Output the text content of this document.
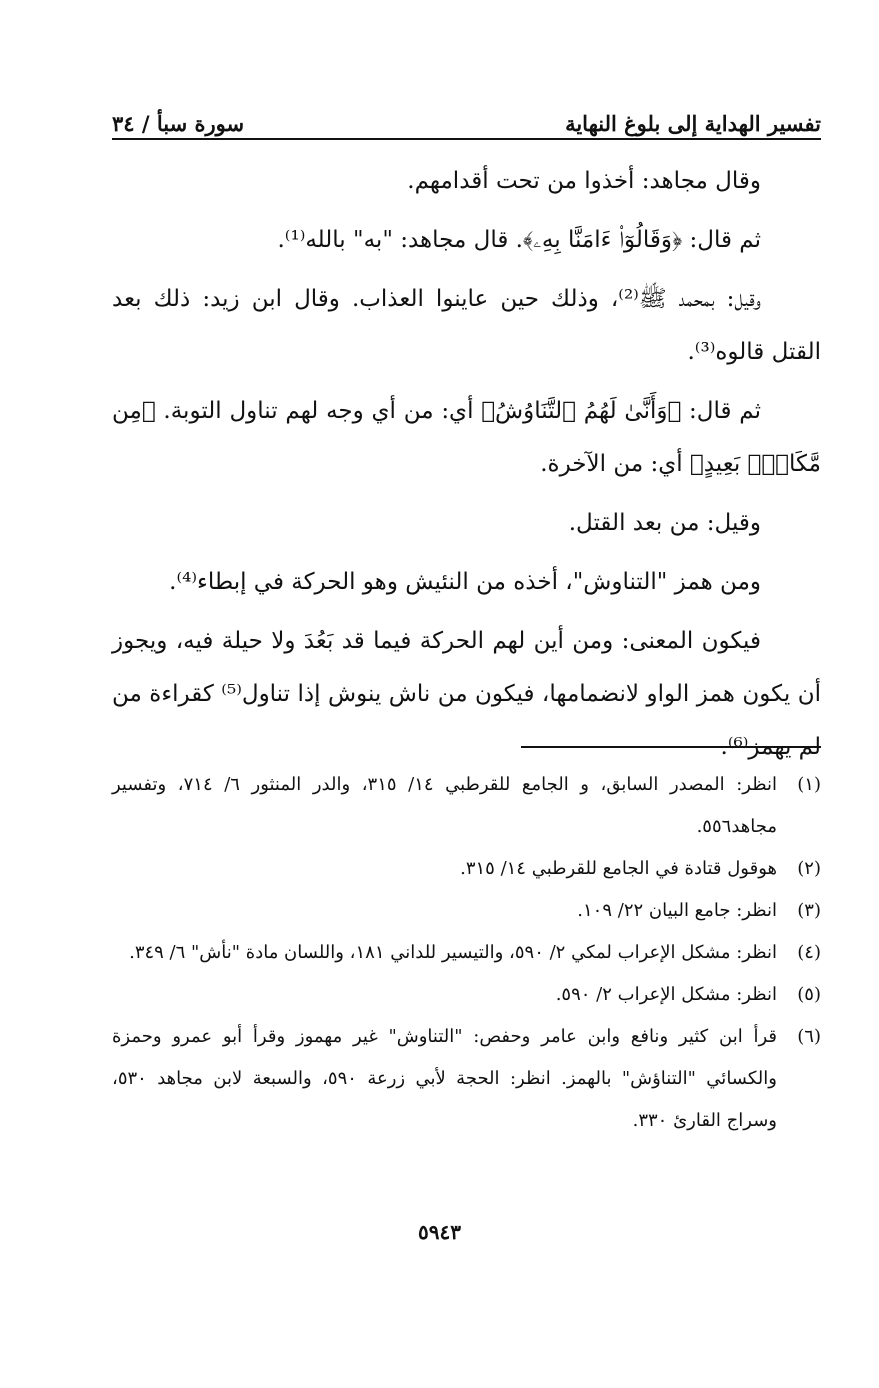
تفسير الهداية إلى بلوغ النهاية
سورة سبأ / ٣٤

وقال مجاهد: أخذوا من تحت أقدامهم.

ثم قال: ﴿وَقَالُوٓا۟ ءَامَنَّا بِهِۦ﴾. قال مجاهد: "به" بالله⁽¹⁾.

وقيل: بمحمد ﷺ⁽²⁾، وذلك حين عاينوا العذاب. وقال ابن زيد: ذلك بعد القتل قالوه⁽³⁾.

ثم قال: ﴿وَأَنَّىٰ لَهُمُ ٱلتَّنَاوُشُ﴾ أي: من أي وجه لهم تناول التوبة. ﴿مِن مَّكَانٍۭ بَعِيدٍ﴾ أي: من الآخرة.

وقيل: من بعد القتل.

ومن همز "التناوش"، أخذه من النئيش وهو الحركة في إبطاء⁽⁴⁾.

فيكون المعنى: ومن أين لهم الحركة فيما قد بَعُدَ ولا حيلة فيه، ويجوز أن يكون همز الواو لانضمامها، فيكون من ناش ينوش إذا تناول⁽⁵⁾ كقراءة من لم يهمز⁽⁶⁾.

(١)
انظر: المصدر السابق، و الجامع للقرطبي ١٤/ ٣١٥، والدر المنثور ٦/ ٧١٤، وتفسير مجاهد٥٥٦.
(٢)
هوقول قتادة في الجامع للقرطبي ١٤/ ٣١٥.
(٣)
انظر: جامع البيان ٢٢/ ١٠٩.
(٤)
انظر: مشكل الإعراب لمكي ٢/ ٥٩٠، والتيسير للداني ١٨١، واللسان مادة "نأش" ٦/ ٣٤٩.
(٥)
انظر: مشكل الإعراب ٢/ ٥٩٠.
(٦)
قرأ ابن كثير ونافع وابن عامر وحفص: "التناوش" غير مهموز وقرأ أبو عمرو وحمزة والكسائي "التناؤش" بالهمز. انظر: الحجة لأبي زرعة ٥٩٠، والسبعة لابن مجاهد ٥٣٠، وسراج القارئ ٣٣٠.
٥٩٤٣
